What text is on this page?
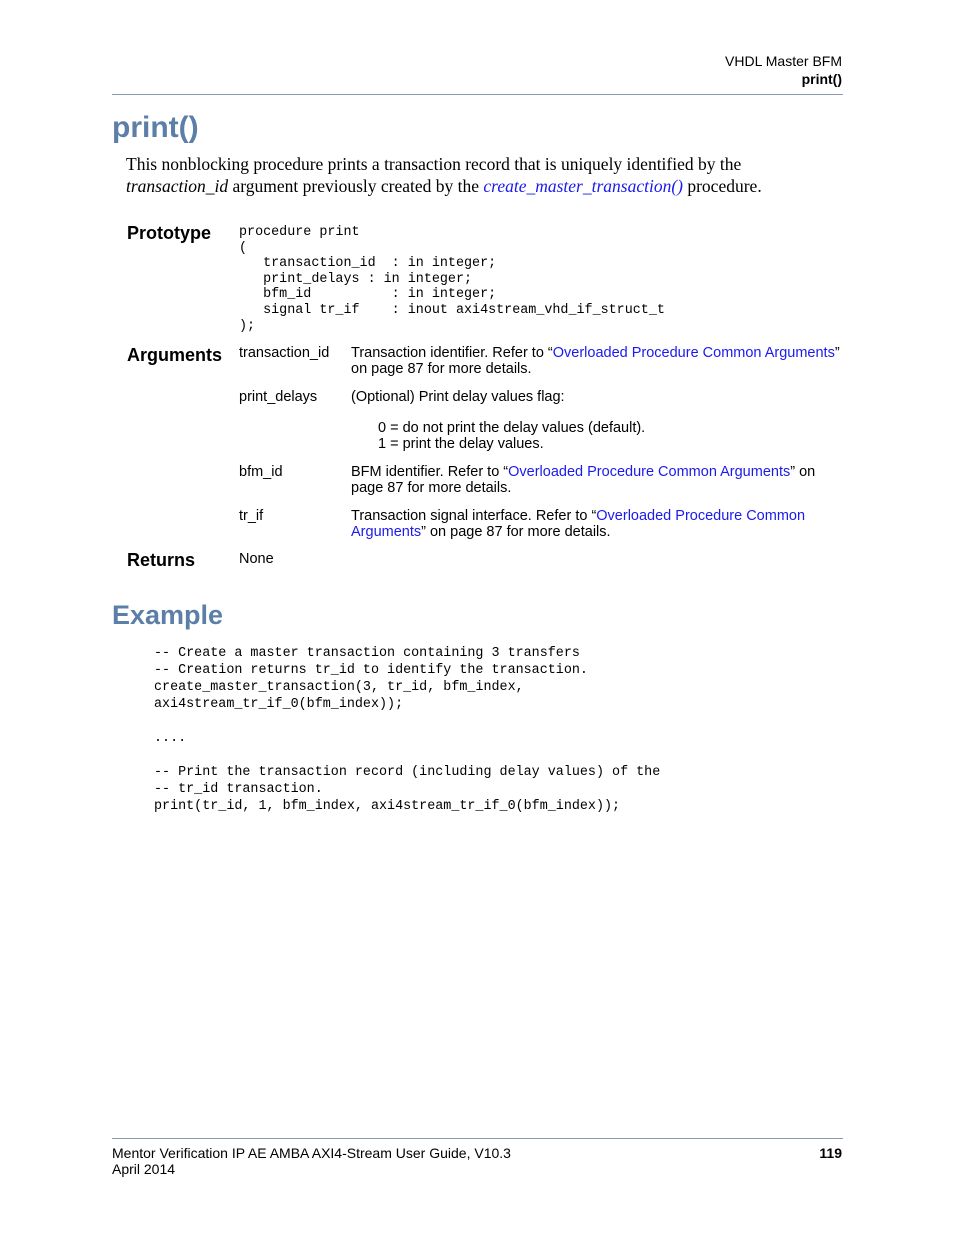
VHDL Master BFM
print()
print()
This nonblocking procedure prints a transaction record that is uniquely identified by the
transaction_id argument previously created by the create_master_transaction() procedure.
Prototype procedure print
(
transaction_id  : in integer;
print_delays : in integer;
bfm_id          : in integer;
signal tr_if    : inout axi4stream_vhd_if_struct_t
);
Arguments transaction_id Transaction identifier. Refer to “Overloaded Procedure Common Arguments” on page 87 for more details.
print_delays (Optional) Print delay values flag:
0 = do not print the delay values (default).
1 = print the delay values.
bfm_id	BFM identifier. Refer to “Overloaded Procedure Common Arguments” on page 87 for more details.
tr_if	Transaction signal interface. Refer to “Overloaded Procedure Common Arguments” on page 87 for more details.
Returns	None
Example
-- Create a master transaction containing 3 transfers
-- Creation returns tr_id to identify the transaction.
create_master_transaction(3, tr_id, bfm_index,
axi4stream_tr_if_0(bfm_index));
....
-- Print the transaction record (including delay values) of the
-- tr_id transaction.
print(tr_id, 1, bfm_index, axi4stream_tr_if_0(bfm_index));
Mentor Verification IP AE AMBA AXI4-Stream User Guide, V10.3
April 2014
119
